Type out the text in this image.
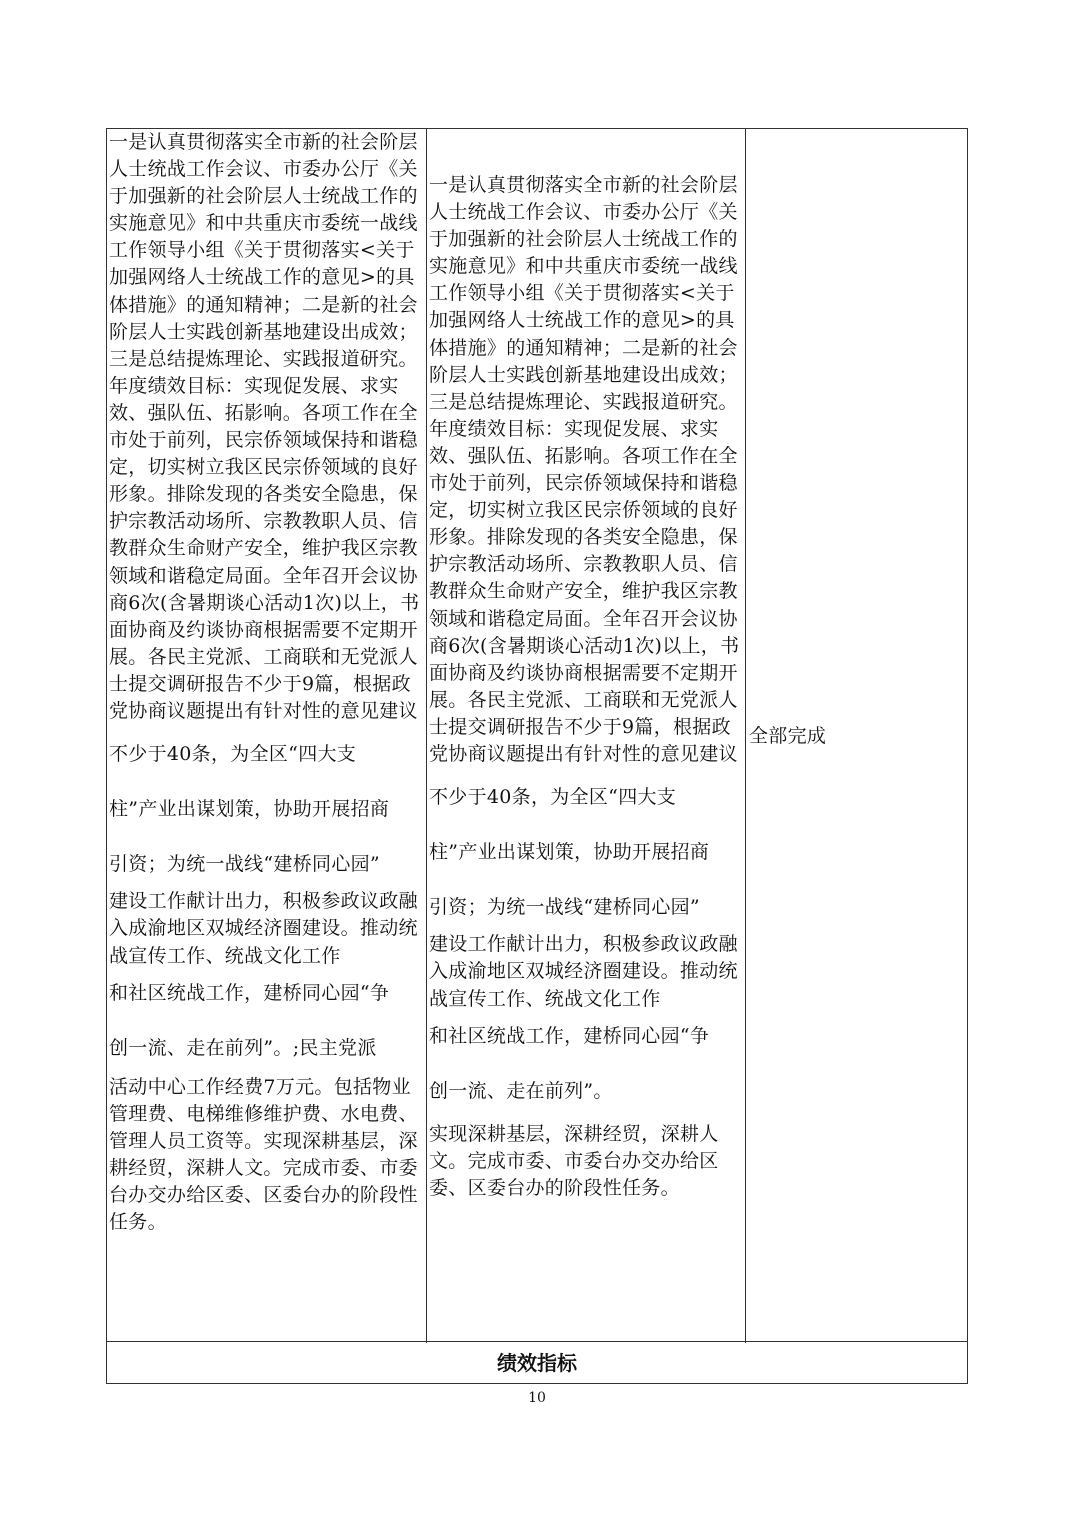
一是认真贯彻落实全市新的社会阶层人士统战工作会议、市委办公厅《关于加强新的社会阶层人士统战工作的实施意见》和中共重庆市委统一战线工作领导小组《关于贯彻落实<关于加强网络人士统战工作的意见>的具体措施》的通知精神；二是新的社会阶层人士实践创新基地建设出成效；三是总结提炼理论、实践报道研究。

年度绩效目标：实现促发展、求实效、强队伍、拓影响。各项工作在全市处于前列，民宗侨领域保持和谐稳定，切实树立我区民宗侨领域的良好形象。排除发现的各类安全隐患，保护宗教活动场所、宗教教职人员、信教群众生命财产安全，维护我区宗教领域和谐稳定局面。全年召开会议协商6次(含暑期谈心活动1次)以上，书面协商及约谈协商根据需要不定期开展。各民主党派、工商联和无党派人士提交调研报告不少于9篇，根据政党协商议题提出有针对性的意见建议

不少于40条，为全区“四大支

柱”产业出谋划策，协助开展招商

引资；为统一战线“建桥同心园”

建设工作献计出力，积极参政议政融入成渝地区双城经济圈建设。推动统战宣传工作、统战文化工作

和社区统战工作，建桥同心园“争

创一流、走在前列”。;民主党派

活动中心工作经费7万元。包括物业管理费、电梯维修维护费、水电费、管理人员工资等。实现深耕基层，深耕经贸，深耕人文。完成市委、市委台办交办给区委、区委台办的阶段性任务。

一是认真贯彻落实全市新的社会阶层人士统战工作会议、市委办公厅《关于加强新的社会阶层人士统战工作的实施意见》和中共重庆市委统一战线工作领导小组《关于贯彻落实<关于加强网络人士统战工作的意见>的具体措施》的通知精神；二是新的社会阶层人士实践创新基地建设出成效；三是总结提炼理论、实践报道研究。年度绩效目标：实现促发展、求实效、强队伍、拓影响。各项工作在全市处于前列，民宗侨领域保持和谐稳定，切实树立我区民宗侨领域的良好形象。排除发现的各类安全隐患，保护宗教活动场所、宗教教职人员、信教群众生命财产安全，维护我区宗教领域和谐稳定局面。全年召开会议协商6次(含暑期谈心活动1次)以上，书面协商及约谈协商根据需要不定期开展。各民主党派、工商联和无党派人士提交调研报告不少于9篇，根据政党协商议题提出有针对性的意见建议

不少于40条，为全区“四大支

柱”产业出谋划策，协助开展招商

引资；为统一战线“建桥同心园”

建设工作献计出力，积极参政议政融入成渝地区双城经济圈建设。推动统战宣传工作、统战文化工作

和社区统战工作，建桥同心园“争

创一流、走在前列”。

实现深耕基层，深耕经贸，深耕人文。完成市委、市委台办交办给区委、区委台办的阶段性任务。

全部完成

绩效指标
10
